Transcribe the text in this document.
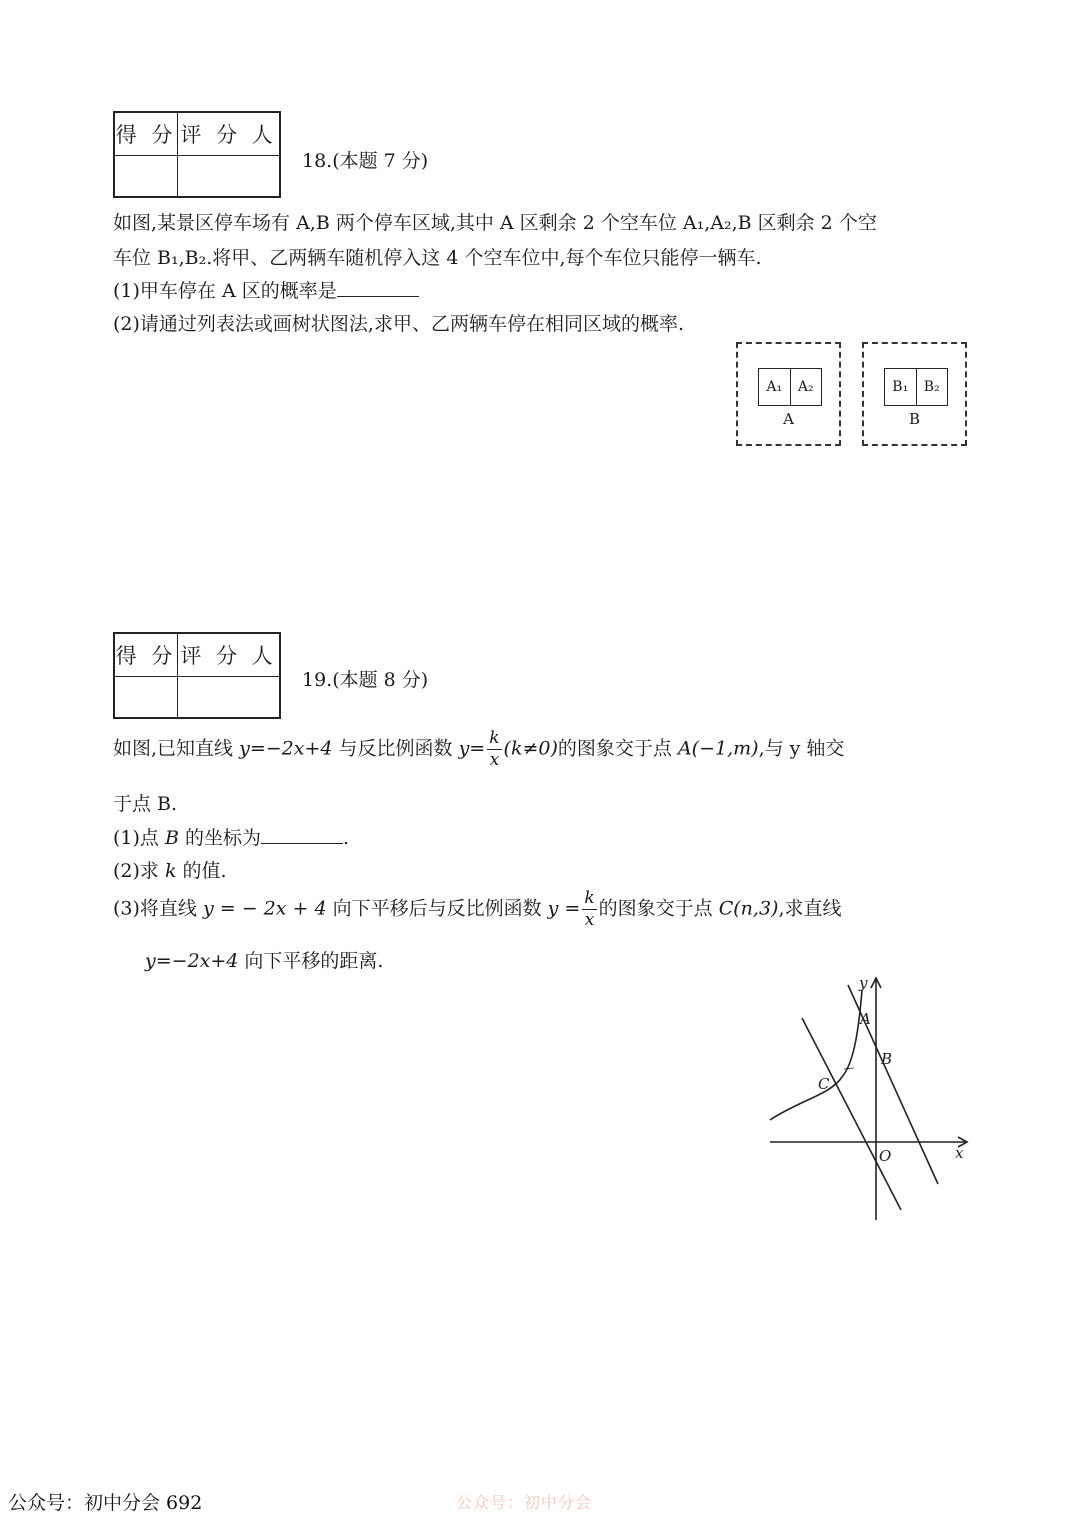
得 分	评 分 人

18.(本题 7 分)
如图,某景区停车场有 A,B 两个停车区域,其中 A 区剩余 2 个空车位 A₁,A₂,B 区剩余 2 个空
车位 B₁,B₂.将甲、乙两辆车随机停入这 4 个空车位中,每个车位只能停一辆车.
(1)甲车停在 A 区的概率是
(2)请通过列表法或画树状图法,求甲、乙两辆车停在相同区域的概率.
A₁	A₂
A
B₁	B₂
B
得 分	评 分 人

19.(本题 8 分)
如图,已知直线 y=−2x+4 与反比例函数 $y= \frac{k}{x} (k\ne 0)$的图象交于点 A(−1,m),与 y 轴交
于点 B.
(1)点 B 的坐标为	.
(2)求 k 的值.
(3)将直线 y = − 2x + 4 向下平移后与反比例函数 $y = \frac{k}{x}$ 的图象交于点 C(n,3),求直线
y=−2x+4 向下平移的距离.
y
x
A
B
C
O
公众号：初中分会
公众号：初中分会 692
